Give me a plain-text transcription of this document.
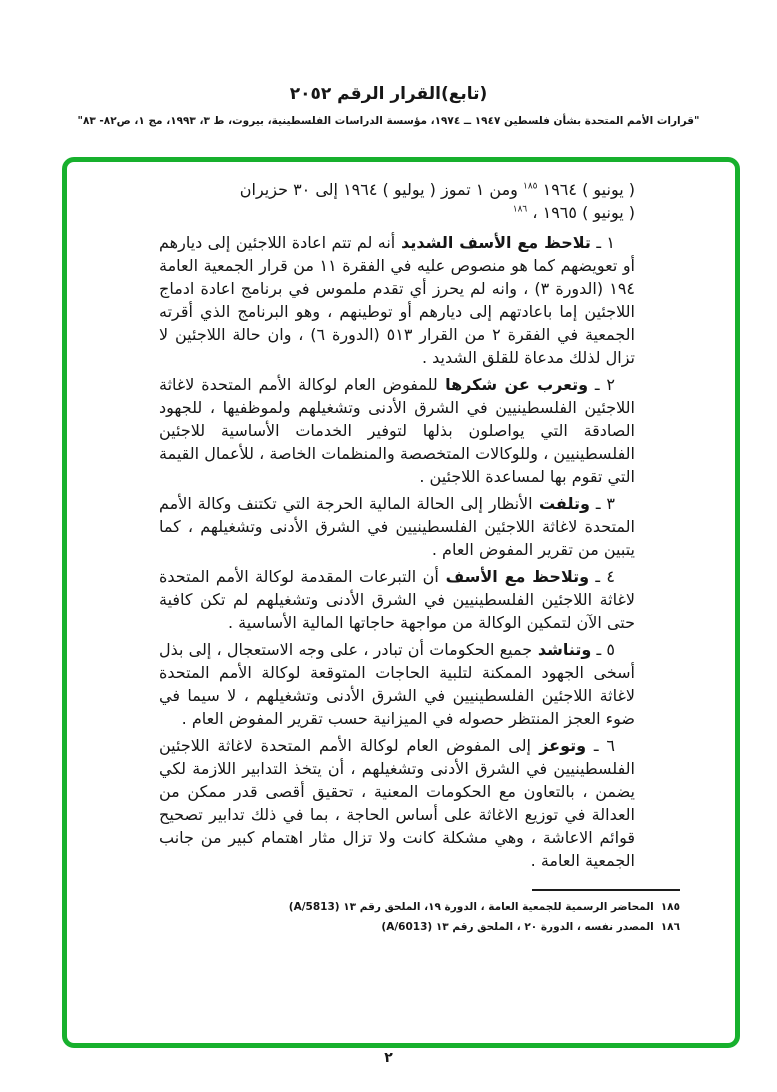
(تابع)القرار الرقم ٢٠٥٢
"قرارات الأمم المتحدة بشأن فلسطين ١٩٤٧ ــ ١٩٧٤، مؤسسة الدراسات الفلسطينية، بيروت، ط ٣، ١٩٩٣، مج ١، ص٨٢- ٨٣"

( يونيو ) ١٩٦٤ $^{١٨٥}$ ومن ١ تموز ( يوليو ) ١٩٦٤ إلى ٣٠ حزيران
( يونيو ) ١٩٦٥ ، $^{١٨٦}$

١ ـ تلاحظ مع الأسف الشديد أنه لم تتم اعادة اللاجئين إلى ديارهم أو تعويضهم كما هو منصوص عليه في الفقرة ١١ من قرار الجمعية العامة ١٩٤ (الدورة ٣) ، وانه لم يحرز أي تقدم ملموس في برنامج اعادة ادماج اللاجئين إما باعادتهم إلى ديارهم أو توطينهم ، وهو البرنامج الذي أقرته الجمعية في الفقرة ٢ من القرار ٥١٣ (الدورة ٦) ، وان حالة اللاجئين لا تزال لذلك مدعاة للقلق الشديد .

٢ ـ وتعرب عن شكرها للمفوض العام لوكالة الأمم المتحدة لاغاثة اللاجئين الفلسطينيين في الشرق الأدنى وتشغيلهم ولموظفيها ، للجهود الصادقة التي يواصلون بذلها لتوفير الخدمات الأساسية للاجئين الفلسطينيين ، وللوكالات المتخصصة والمنظمات الخاصة ، للأعمال القيمة التي تقوم بها لمساعدة اللاجئين .

٣ ـ وتلفت الأنظار إلى الحالة المالية الحرجة التي تكتنف وكالة الأمم المتحدة لاغاثة اللاجئين الفلسطينيين في الشرق الأدنى وتشغيلهم ، كما يتبين من تقرير المفوض العام .

٤ ـ وتلاحظ مع الأسف أن التبرعات المقدمة لوكالة الأمم المتحدة لاغاثة اللاجئين الفلسطينيين في الشرق الأدنى وتشغيلهم لم تكن كافية حتى الآن لتمكين الوكالة من مواجهة حاجاتها المالية الأساسية .

٥ ـ وتناشد جميع الحكومات أن تبادر ، على وجه الاستعجال ، إلى بذل أسخى الجهود الممكنة لتلبية الحاجات المتوقعة لوكالة الأمم المتحدة لاغاثة اللاجئين الفلسطينيين في الشرق الأدنى وتشغيلهم ، لا سيما في ضوء العجز المنتظر حصوله في الميزانية حسب تقرير المفوض العام .

٦ ـ وتوعز إلى المفوض العام لوكالة الأمم المتحدة لاغاثة اللاجئين الفلسطينيين في الشرق الأدنى وتشغيلهم ، أن يتخذ التدابير اللازمة لكي يضمن ، بالتعاون مع الحكومات المعنية ، تحقيق أقصى قدر ممكن من العدالة في توزيع الاغاثة على أساس الحاجة ، بما في ذلك تدابير تصحيح قوائم الاعاشة ، وهي مشكلة كانت ولا تزال مثار اهتمام كبير من جانب الجمعية العامة .

١٨٥المحاضر الرسمية للجمعية العامة ، الدورة ١٩، الملحق رقم ١٣ (A/5813)
١٨٦المصدر نفسه ، الدورة ٢٠ ، الملحق رقم ١٣ (A/6013)
٢
